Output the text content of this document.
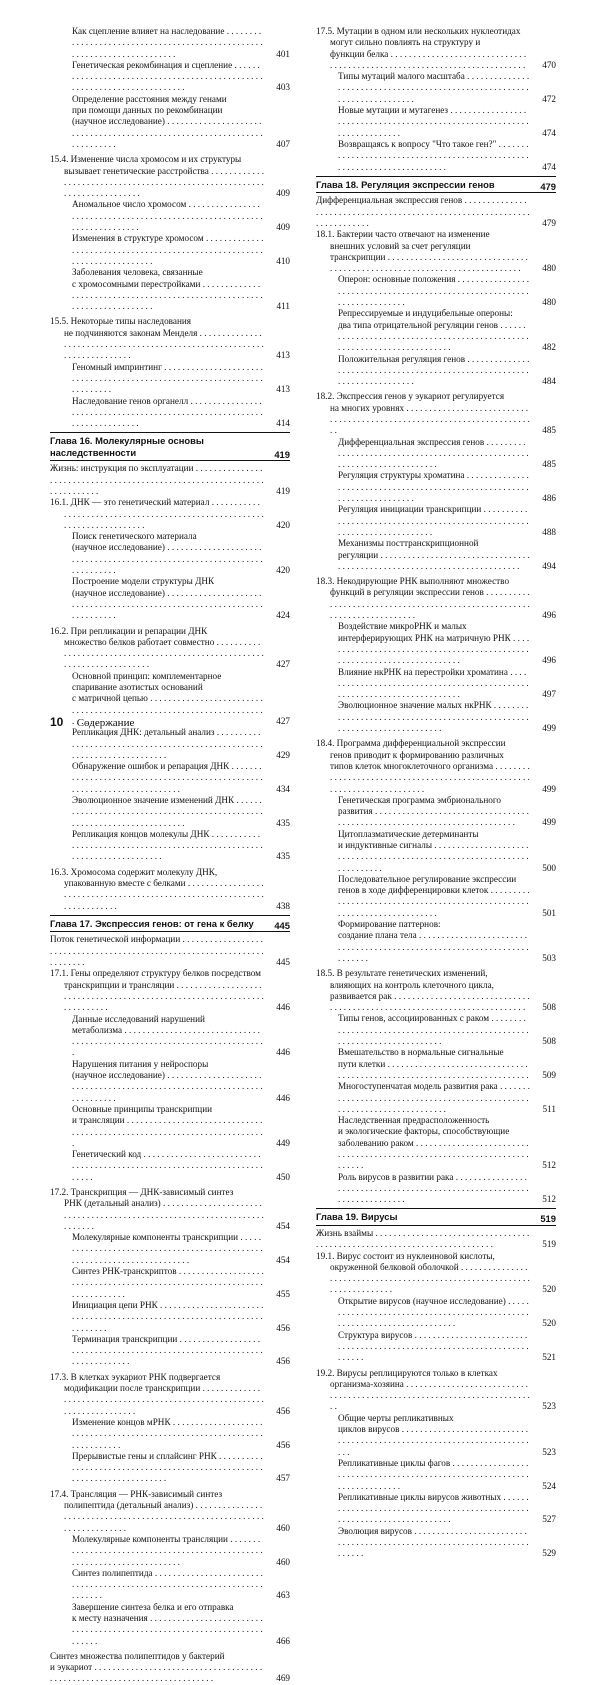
Как сцепление влияет на наследование . . .
401
Генетическая рекомбинация и сцепление . . .
403
Определение расстояния между генами
при помощи данных по рекомбинации
(научное исследование) . . .
407
15.4. Изменение числа хромосом и их структуры
вызывает генетические расстройства . . .
409
Аномальное число хромосом . . .
409
Изменения в структуре хромосом . . .
410
Заболевания человека, связанные
с хромосомными перестройками . . .
411
15.5. Некоторые типы наследования
не подчиняются законам Менделя . . .
413
Геномный импринтинг . . .
413
Наследование генов органелл . . .
414
Глава 16. Молекулярные основы
наследственности	419
Жизнь: инструкция по эксплуатации . . .
419
16.1. ДНК — это генетический материал . . .
420
Поиск генетического материала
(научное исследование) . . .
420
Построение модели структуры ДНК
(научное исследование) . . .
424
16.2. При репликации и репарации ДНК
множество белков работает совместно . . .
427
Основной принцип: комплементарное
спаривание азотистых оснований
с матричной цепью . . .
427
Репликация ДНК: детальный анализ . . .
429
Обнаружение ошибок и репарация ДНК . . .
434
Эволюционное значение изменений ДНК . . .
435
Репликация концов молекулы ДНК . . .
435
16.3. Хромосома содержит молекулу ДНК,
упакованную вместе с белками . . .
438
Глава 17. Экспрессия генов: от гена к белку	445
Поток генетической информации . . .
445
17.1. Гены определяют структуру белков посредством
транскрипции и трансляции . . .
446
Данные исследований нарушений
метаболизма . . .
446
Нарушения питания у нейроспоры
(научное исследование) . . .
446
Основные принципы транскрипции
и трансляции . . .
449
Генетический код . . .
450
17.2. Транскрипция — ДНК-зависимый синтез
РНК (детальный анализ) . . .
454
Молекулярные компоненты транскрипции . . .
454
Синтез РНК-транскриптов . . .
455
Инициация цепи РНК . . .
456
Терминация транскрипции . . .
456
17.3. В клетках эукариот РНК подвергается
модификации после транскрипции . . .
456
Изменение концов мРНК . . .
456
Прерывистые гены и сплайсинг РНК . . .
457
17.4. Трансляция — РНК-зависимый синтез
полипептида (детальный анализ) . . .
460
Молекулярные компоненты трансляции . . .
460
Синтез полипептида . . .
463
Завершение синтеза белка и его отправка
к месту назначения . . .
466
Синтез множества полипептидов у бактерий
и эукариот . . .
469
17.5. Мутации в одном или нескольких нуклеотидах
могут сильно повлиять на структуру и
функции белка . . .
470
Типы мутаций малого масштаба . . .
472
Новые мутации и мутагенез . . .
474
Возвращаясь к вопросу "Что такое ген?" . . .
474
Глава 18. Регуляция экспрессии генов	479
Дифференциальная экспрессия генов . . .
479
18.1. Бактерии часто отвечают на изменение
внешних условий за счет регуляции
транскрипции . . .
480
Оперон: основные положения . . .
480
Репрессируемые и индуцибельные опероны:
два типа отрицательной регуляции генов . . .
482
Положительная регуляция генов . . .
484
18.2. Экспрессия генов у эукариот регулируется
на многих уровнях . . .
485
Дифференциальная экспрессия генов . . .
485
Регуляция структуры хроматина . . .
486
Регуляция инициации транскрипции . . .
488
Механизмы посттранскрипционной
регуляции . . .
494
18.3. Некодирующие РНК выполняют множество
функций в регуляции экспрессии генов . . .
496
Воздействие микроРНК и малых
интерферирующих РНК на матричную РНК . . .
496
Влияние нкРНК на перестройки хроматина . . .
497
Эволюционное значение малых нкРНК . . .
499
18.4. Программа дифференциальной экспрессии
генов приводит к формированию различных
типов клеток многоклеточного организма . . .
499
Генетическая программа эмбрионального
развития . . .
499
Цитоплазматические детерминанты
и индуктивные сигналы . . .
500
Последовательное регулирование экспрессии
генов в ходе дифференцировки клеток . . .
501
Формирование паттернов:
создание плана тела . . .
503
18.5. В результате генетических изменений,
влияющих на контроль клеточного цикла,
развивается рак . . .
508
Типы генов, ассоциированных с раком . . .
508
Вмешательство в нормальные сигнальные
пути клетки . . .
509
Многоступенчатая модель развития рака . . .
511
Наследственная предрасположенность
и экологические факторы, способствующие
заболеванию раком . . .
512
Роль вирусов в развитии рака . . .
512
Глава 19. Вирусы	519
Жизнь взаймы . . .
519
19.1. Вирус состоит из нуклеиновой кислоты,
окруженной белковой оболочкой . . .
520
Открытие вирусов (научное исследование) . . .
520
Структура вирусов . . .
521
19.2. Вирусы реплицируются только в клетках
организма-хозяина . . .
523
Общие черты репликативных
циклов вирусов . . .
523
Репликативные циклы фагов . . .
524
Репликативные циклы вирусов животных . . .
527
Эволюция вирусов . . .
529
10 Содержание
